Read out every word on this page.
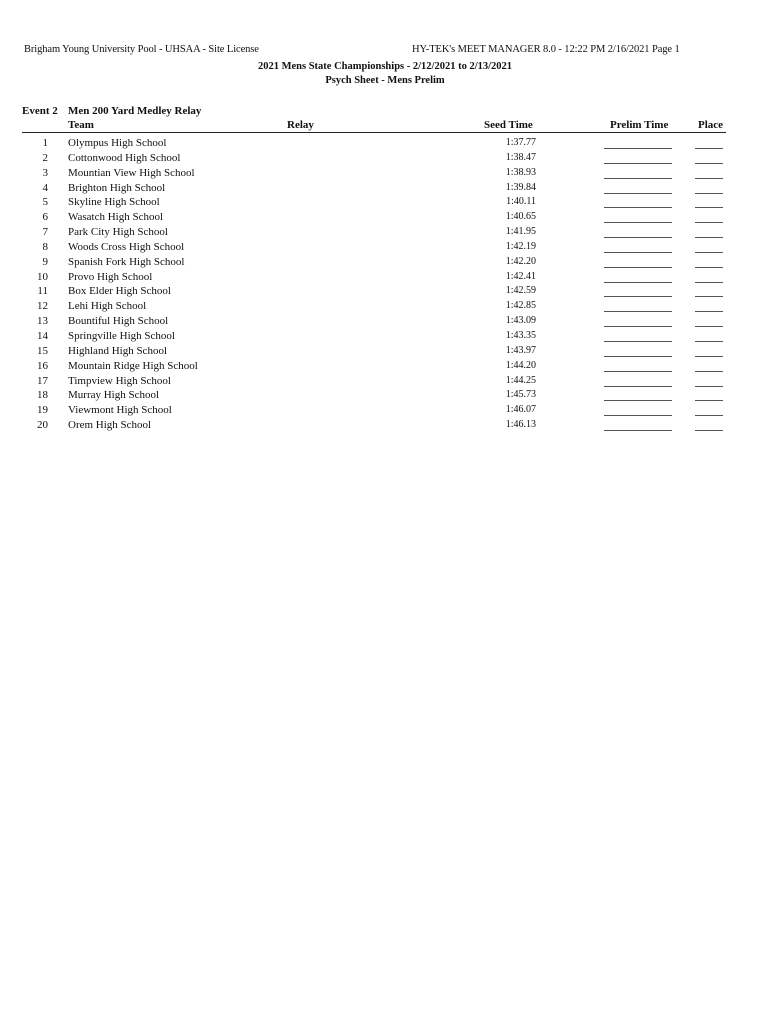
Brigham Young University Pool - UHSAA - Site License	HY-TEK's MEET MANAGER 8.0 - 12:22 PM 2/16/2021 Page 1
2021 Mens State Championships - 2/12/2021 to 2/13/2021
Psych Sheet - Mens Prelim
Event 2 Men 200 Yard Medley Relay
Team	Relay	Seed Time	Prelim Time	Place
1 Olympus High School	1:37.77
2 Cottonwood High School	1:38.47
3 Mountian View High School	1:38.93
4 Brighton High School	1:39.84
5 Skyline High School	1:40.11
6 Wasatch High School	1:40.65
7 Park City High School	1:41.95
8 Woods Cross High School	1:42.19
9 Spanish Fork High School	1:42.20
10 Provo High School	1:42.41
11 Box Elder High School	1:42.59
12 Lehi High School	1:42.85
13 Bountiful High School	1:43.09
14 Springville High School	1:43.35
15 Highland High School	1:43.97
16 Mountain Ridge High School	1:44.20
17 Timpview High School	1:44.25
18 Murray High School	1:45.73
19 Viewmont High School	1:46.07
20 Orem High School	1:46.13
